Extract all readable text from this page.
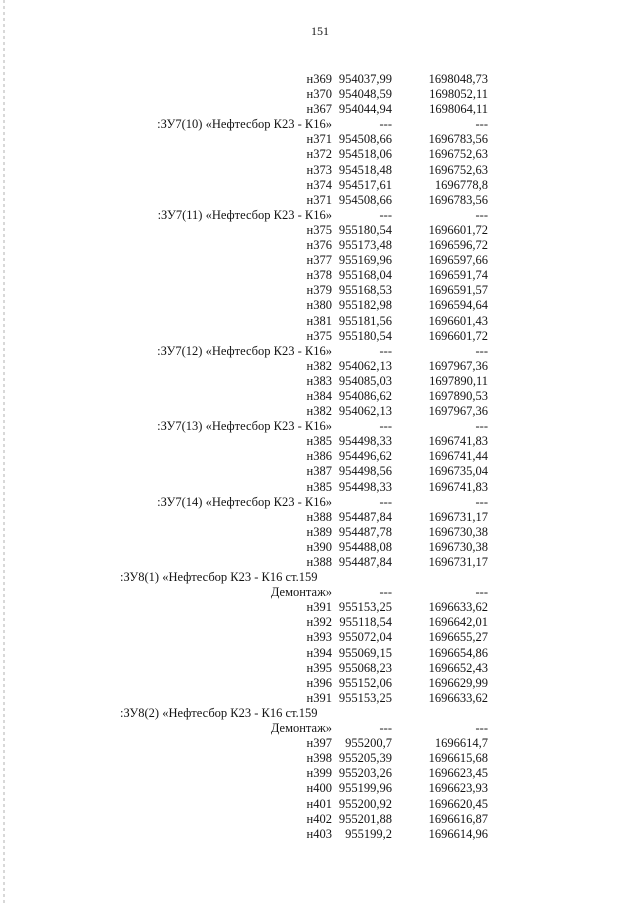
151
н369 954037,99	1698048,73
н370 954048,59	1698052,11
н367 954044,94	1698064,11
:ЗУ7(10) «Нефтесбор К23 - К16»	---	---
н371 954508,66	1696783,56
н372 954518,06	1696752,63
н373 954518,48	1696752,63
н374 954517,61	1696778,8
н371 954508,66	1696783,56
:ЗУ7(11) «Нефтесбор К23 - К16»	---	---
н375 955180,54	1696601,72
н376 955173,48	1696596,72
н377 955169,96	1696597,66
н378 955168,04	1696591,74
н379 955168,53	1696591,57
н380 955182,98	1696594,64
н381 955181,56	1696601,43
н375 955180,54	1696601,72
:ЗУ7(12) «Нефтесбор К23 - К16»	---	---
н382 954062,13	1697967,36
н383 954085,03	1697890,11
н384 954086,62	1697890,53
н382 954062,13	1697967,36
:ЗУ7(13) «Нефтесбор К23 - К16»	---	---
н385 954498,33	1696741,83
н386 954496,62	1696741,44
н387 954498,56	1696735,04
н385 954498,33	1696741,83
:ЗУ7(14) «Нефтесбор К23 - К16»	---	---
н388 954487,84	1696731,17
н389 954487,78	1696730,38
н390 954488,08	1696730,38
н388 954487,84	1696731,17
:ЗУ8(1) «Нефтесбор К23 - К16 ст.159
Демонтаж»	---	---
н391 955153,25	1696633,62
н392 955118,54	1696642,01
н393 955072,04	1696655,27
н394 955069,15	1696654,86
н395 955068,23	1696652,43
н396 955152,06	1696629,99
н391 955153,25	1696633,62
:ЗУ8(2) «Нефтесбор К23 - К16 ст.159
Демонтаж»	---	---
н397 955200,7	1696614,7
н398 955205,39	1696615,68
н399 955203,26	1696623,45
н400 955199,96	1696623,93
н401 955200,92	1696620,45
н402 955201,88	1696616,87
н403 955199,2	1696614,96
